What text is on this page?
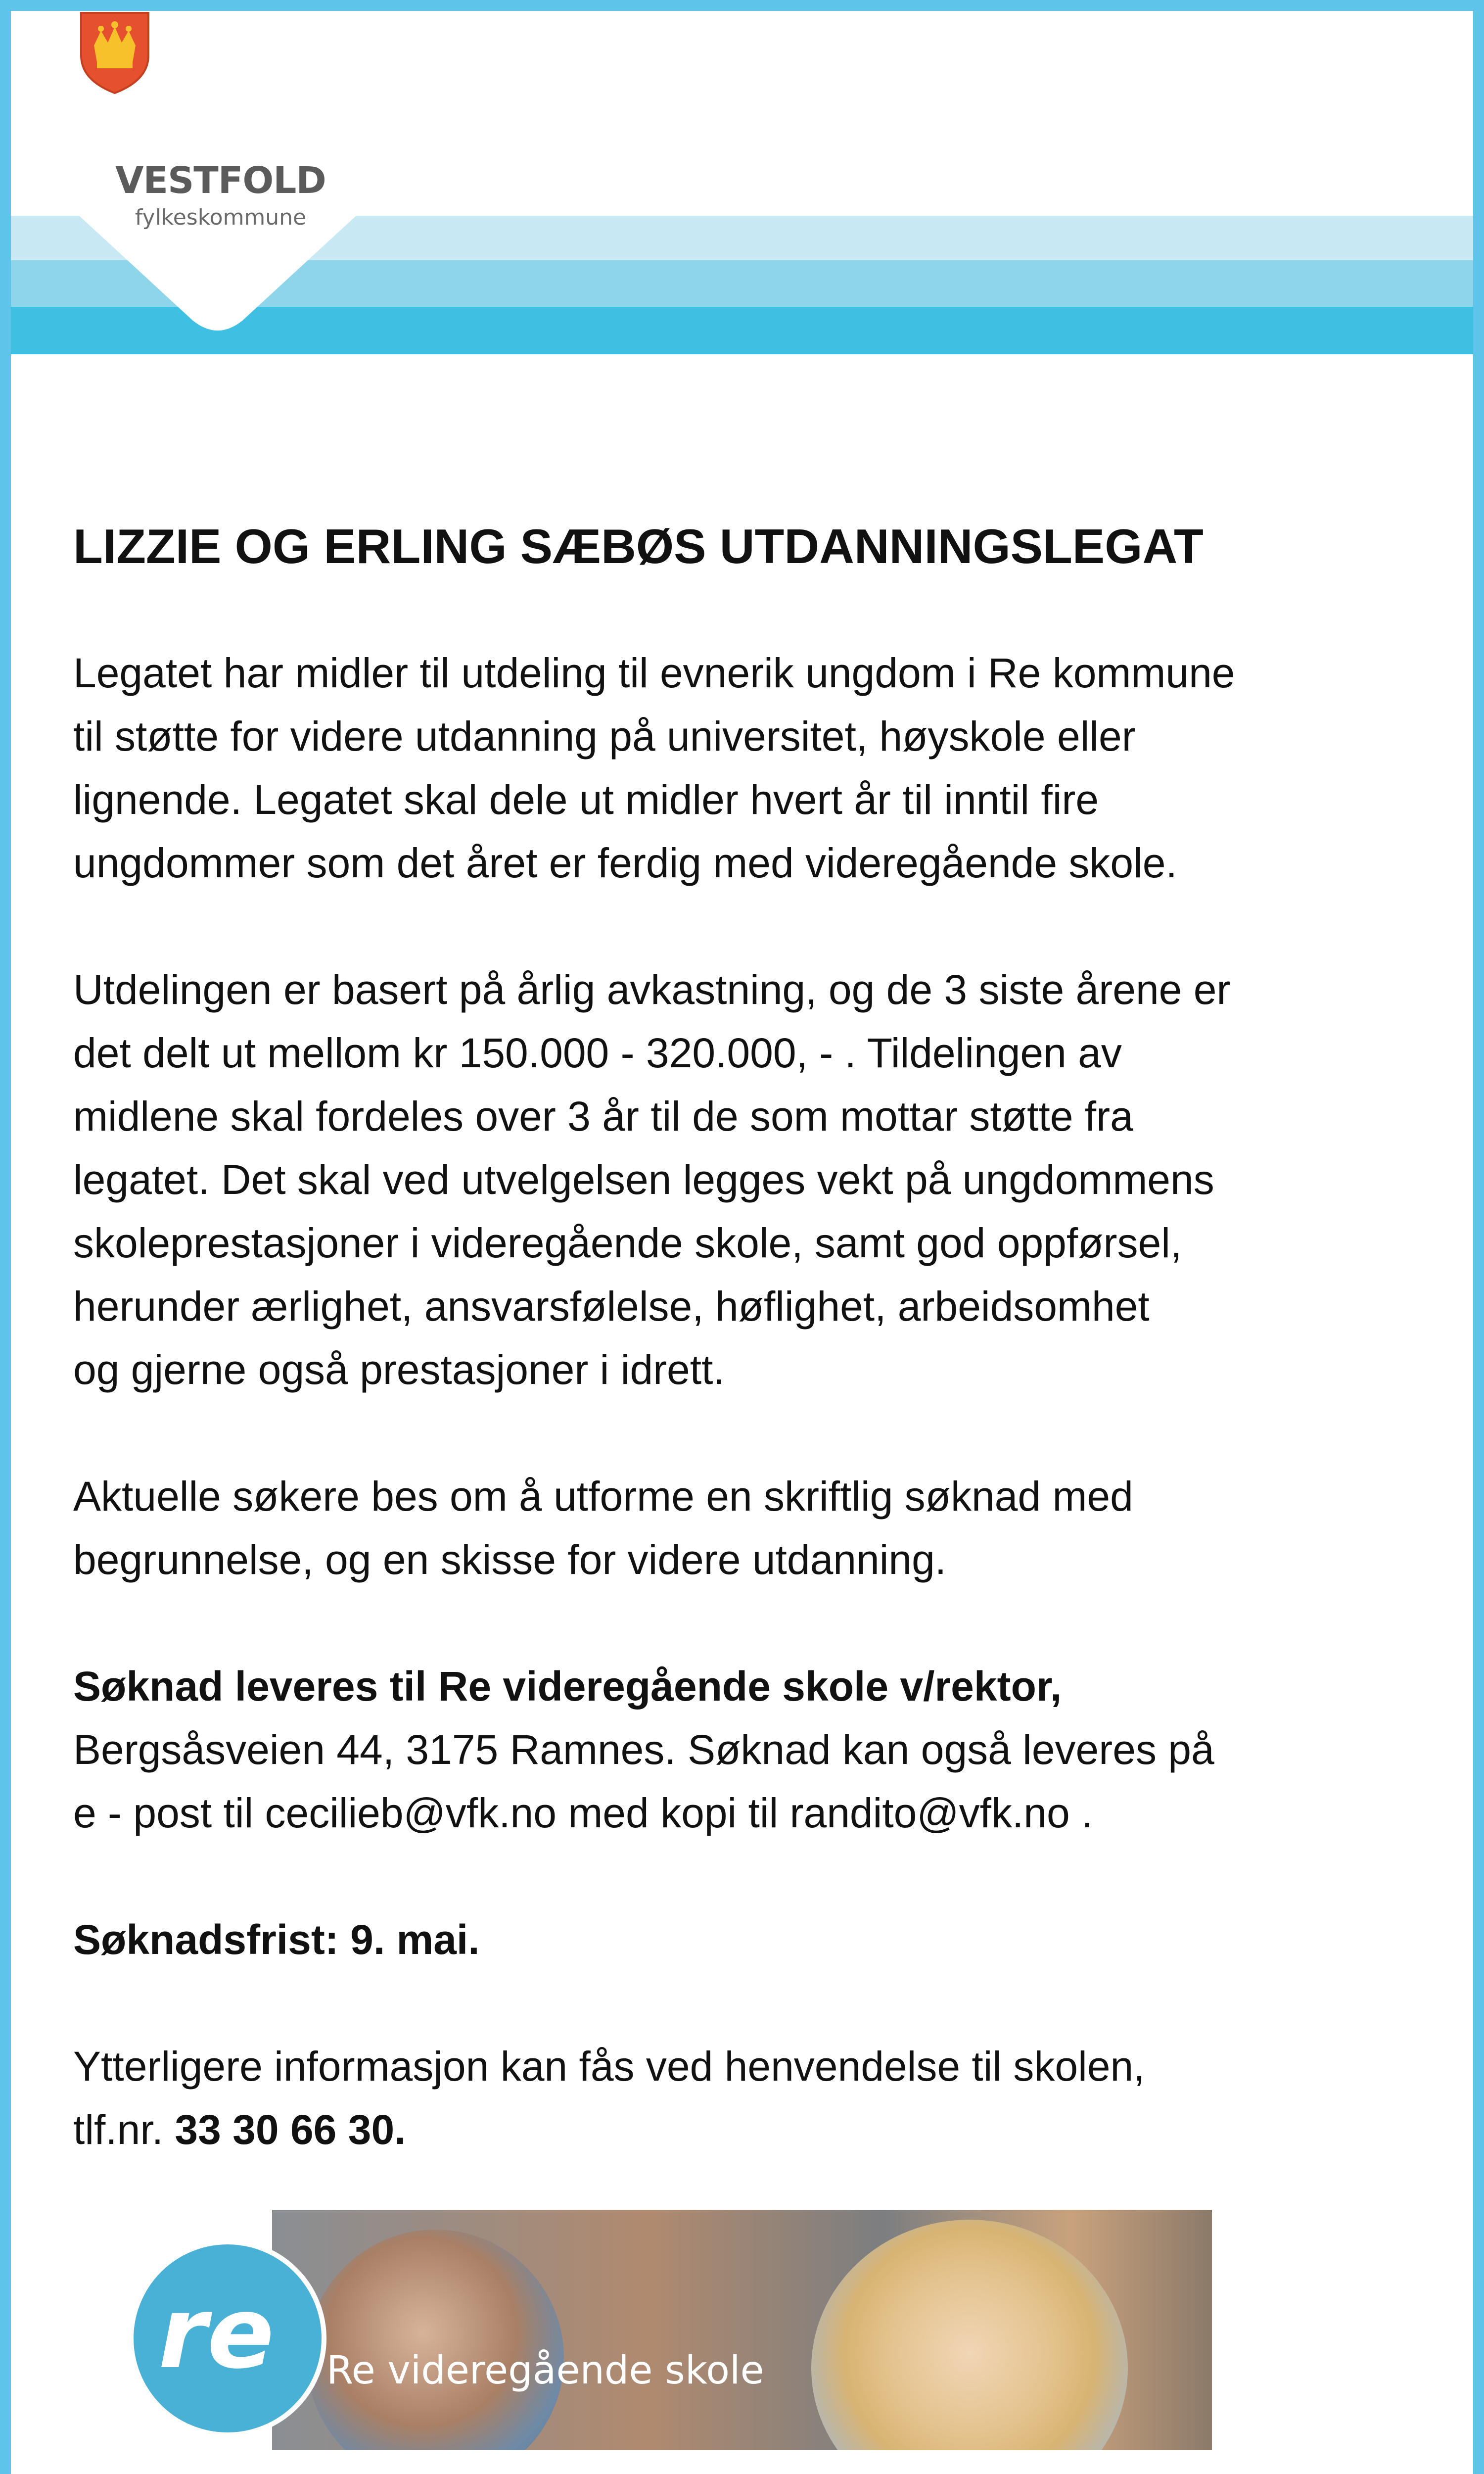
VESTFOLD
fylkeskommune
LIZZIE OG ERLING SÆBØS UTDANNINGSLEGAT
Legatet har midler til utdeling til evnerik ungdom i Re kommune
til støtte for videre utdanning på universitet, høyskole eller
lignende. Legatet skal dele ut midler hvert år til inntil fire
ungdommer som det året er ferdig med videregående skole.
Utdelingen er basert på årlig avkastning, og de 3 siste årene er
det delt ut mellom kr 150.000 - 320.000, - . Tildelingen av
midlene skal fordeles over 3 år til de som mottar støtte fra
legatet. Det skal ved utvelgelsen legges vekt på ungdommens
skoleprestasjoner i videregående skole, samt god oppførsel,
herunder ærlighet, ansvarsfølelse, høflighet, arbeidsomhet
og gjerne også prestasjoner i idrett.
Aktuelle søkere bes om å utforme en skriftlig søknad med
begrunnelse, og en skisse for videre utdanning.
Søknad leveres til Re videregående skole v/rektor,
Bergsåsveien 44, 3175 Ramnes. Søknad kan også leveres på
e - post til cecilieb@vfk.no med kopi til randito@vfk.no .
Søknadsfrist: 9. mai.
Ytterligere informasjon kan fås ved henvendelse til skolen,
tlf.nr. 33 30 66 30.
re Re videregående skole
